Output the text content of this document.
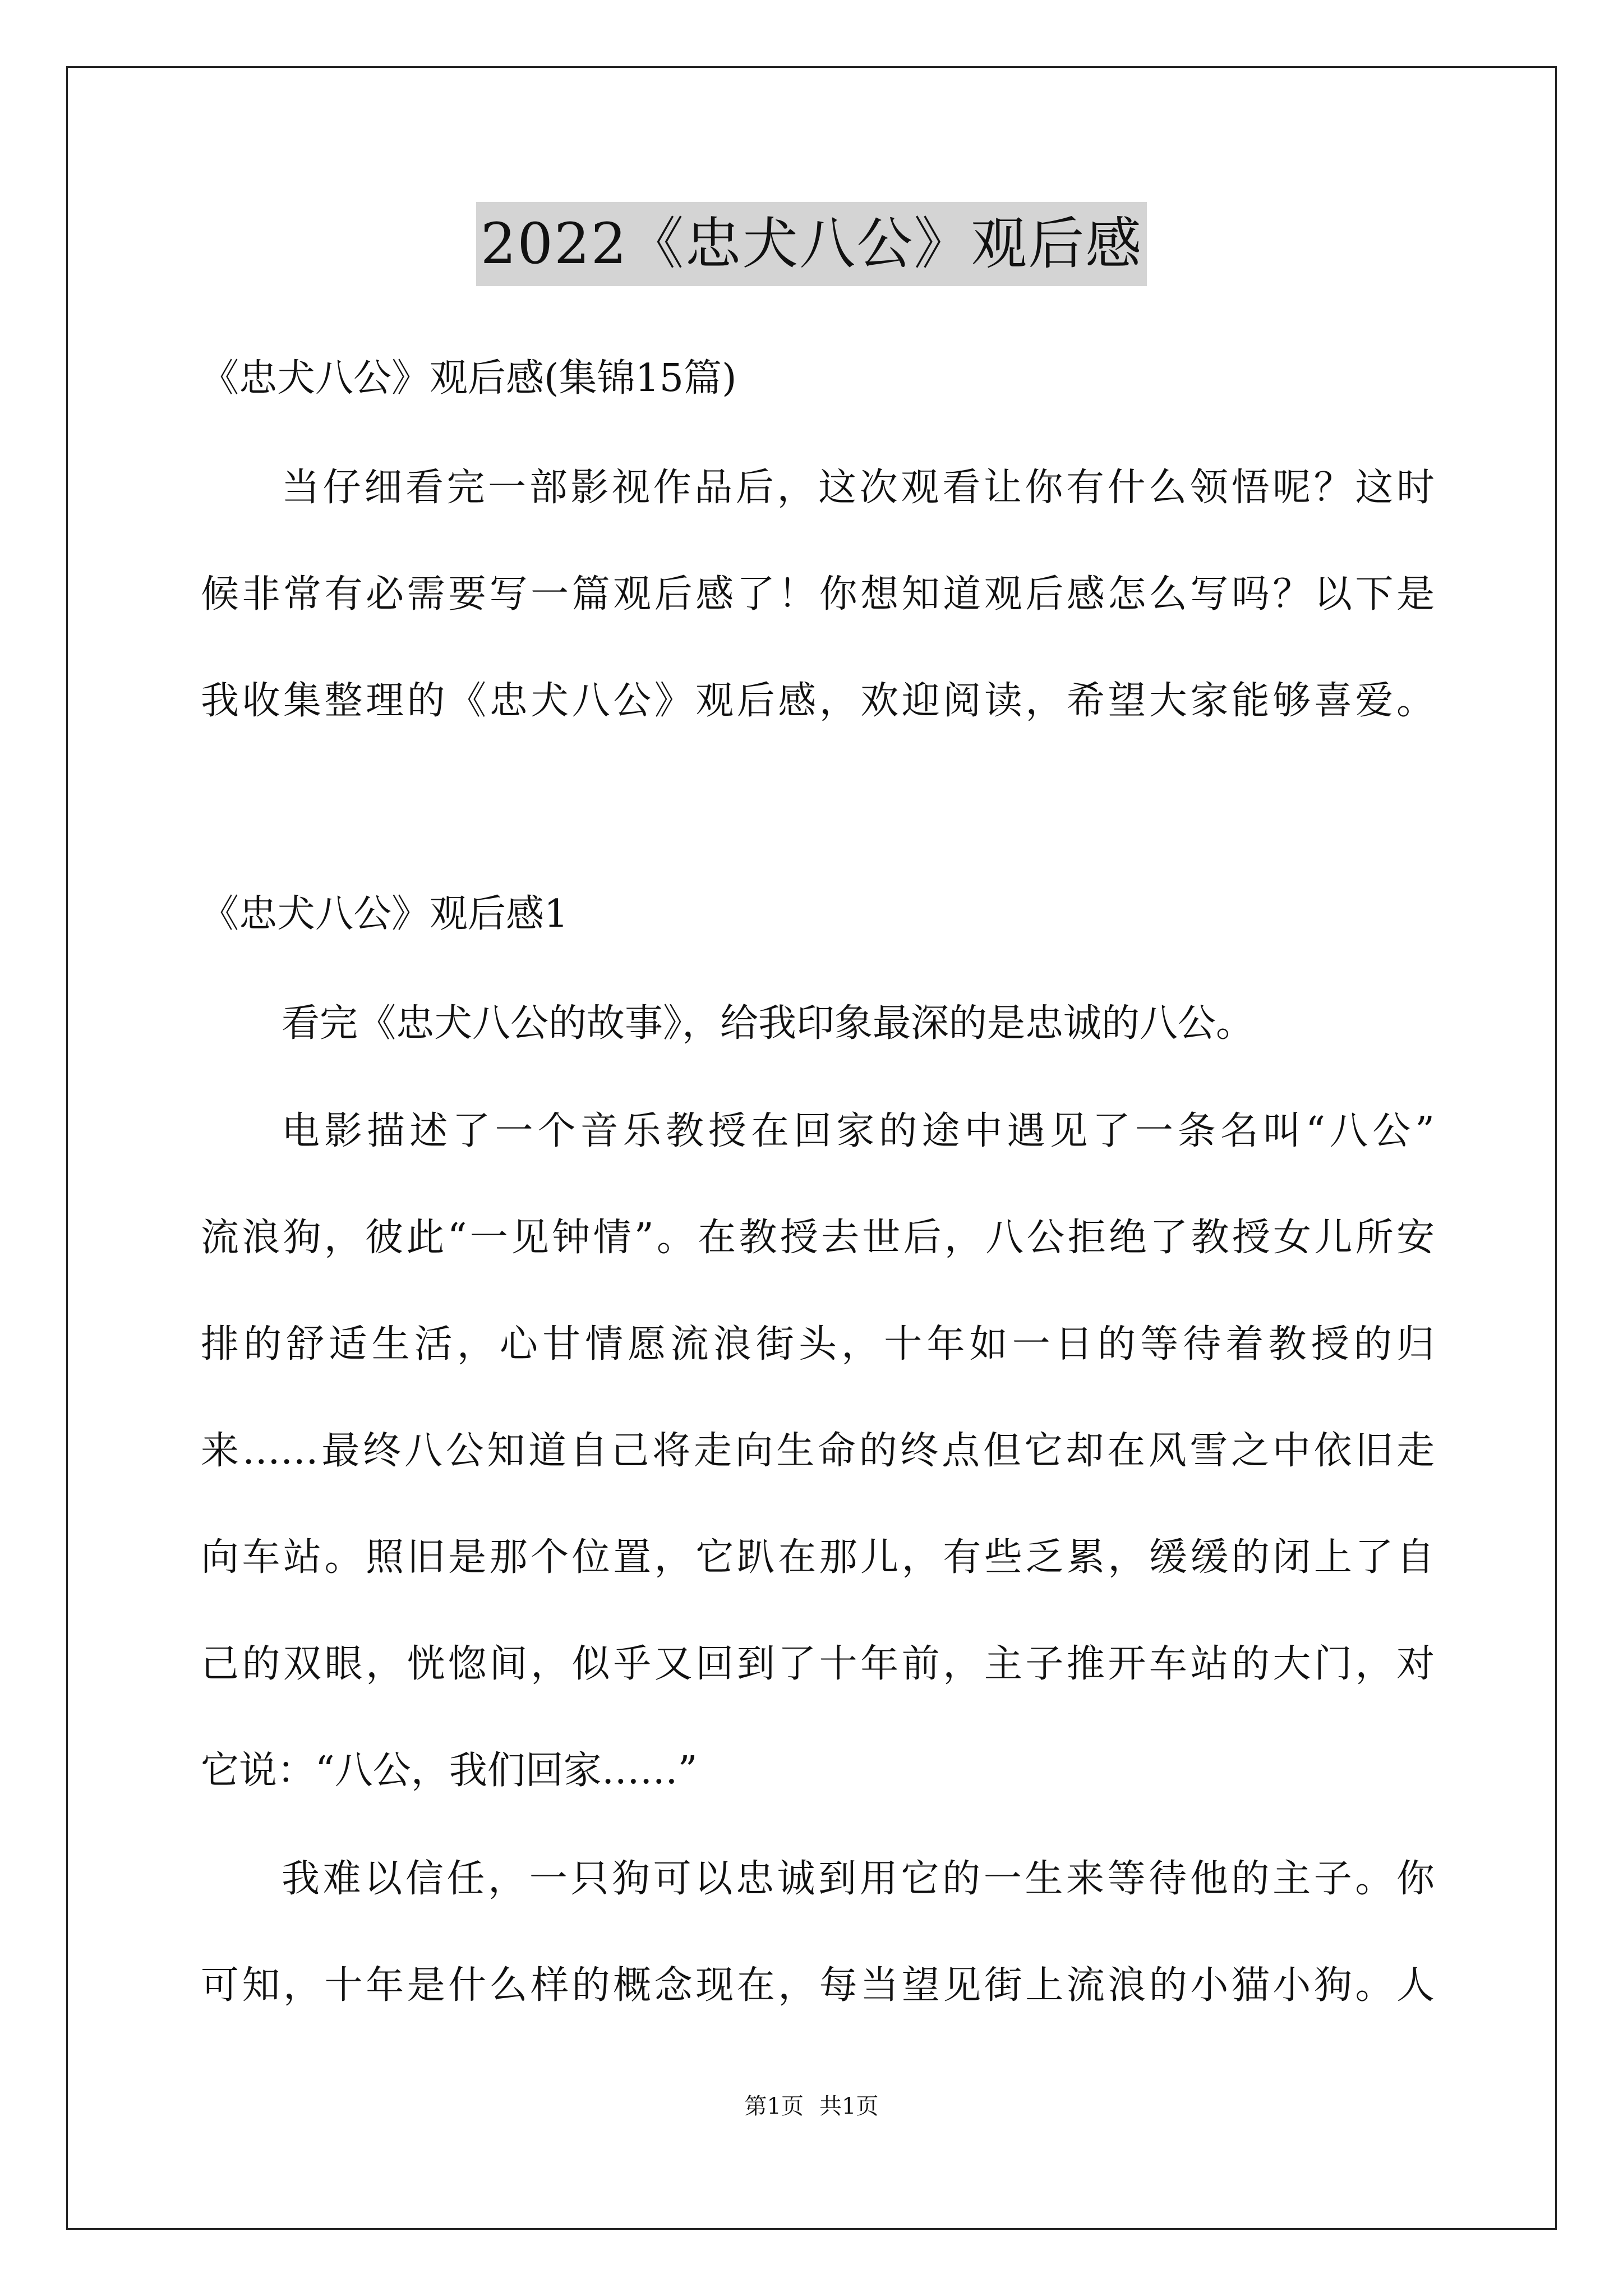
2022《忠犬八公》观后感
《忠犬八公》观后感(集锦15篇)
当仔细看完一部影视作品后，这次观看让你有什么领悟呢？这时
候非常有必需要写一篇观后感了！你想知道观后感怎么写吗？以下是
我收集整理的《忠犬八公》观后感，欢迎阅读，希望大家能够喜爱。
《忠犬八公》观后感1
看完《忠犬八公的故事》，给我印象最深的是忠诚的八公。
电影描述了一个音乐教授在回家的途中遇见了一条名叫“八公”
流浪狗，彼此“一见钟情”。在教授去世后，八公拒绝了教授女儿所安
排的舒适生活，心甘情愿流浪街头，十年如一日的等待着教授的归
来……最终八公知道自己将走向生命的终点但它却在风雪之中依旧走
向车站。照旧是那个位置，它趴在那儿，有些乏累，缓缓的闭上了自
己的双眼，恍惚间，似乎又回到了十年前，主子推开车站的大门，对
它说：“八公，我们回家……”
我难以信任，一只狗可以忠诚到用它的一生来等待他的主子。你
可知，十年是什么样的概念现在，每当望见街上流浪的小猫小狗。人
第1页 共1页
